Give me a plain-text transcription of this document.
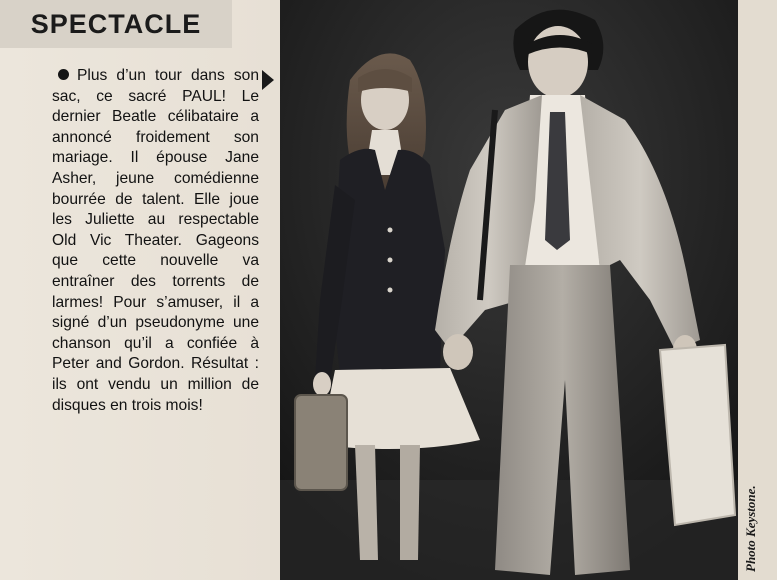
SPECTACLE
Plus d’un tour dans son sac, ce sacré PAUL! Le dernier Beatle célibataire a annoncé froidement son mariage. Il épouse Jane Asher, jeune comédienne bourrée de talent. Elle joue les Juliette au respectable Old Vic Theater. Gageons que cette nouvelle va entraîner des torrents de larmes! Pour s’amuser, il a signé d’un pseudonyme une chanson qu’il a confiée à Peter and Gordon. Résultat : ils ont vendu un million de disques en trois mois!
Photo Keystone.
